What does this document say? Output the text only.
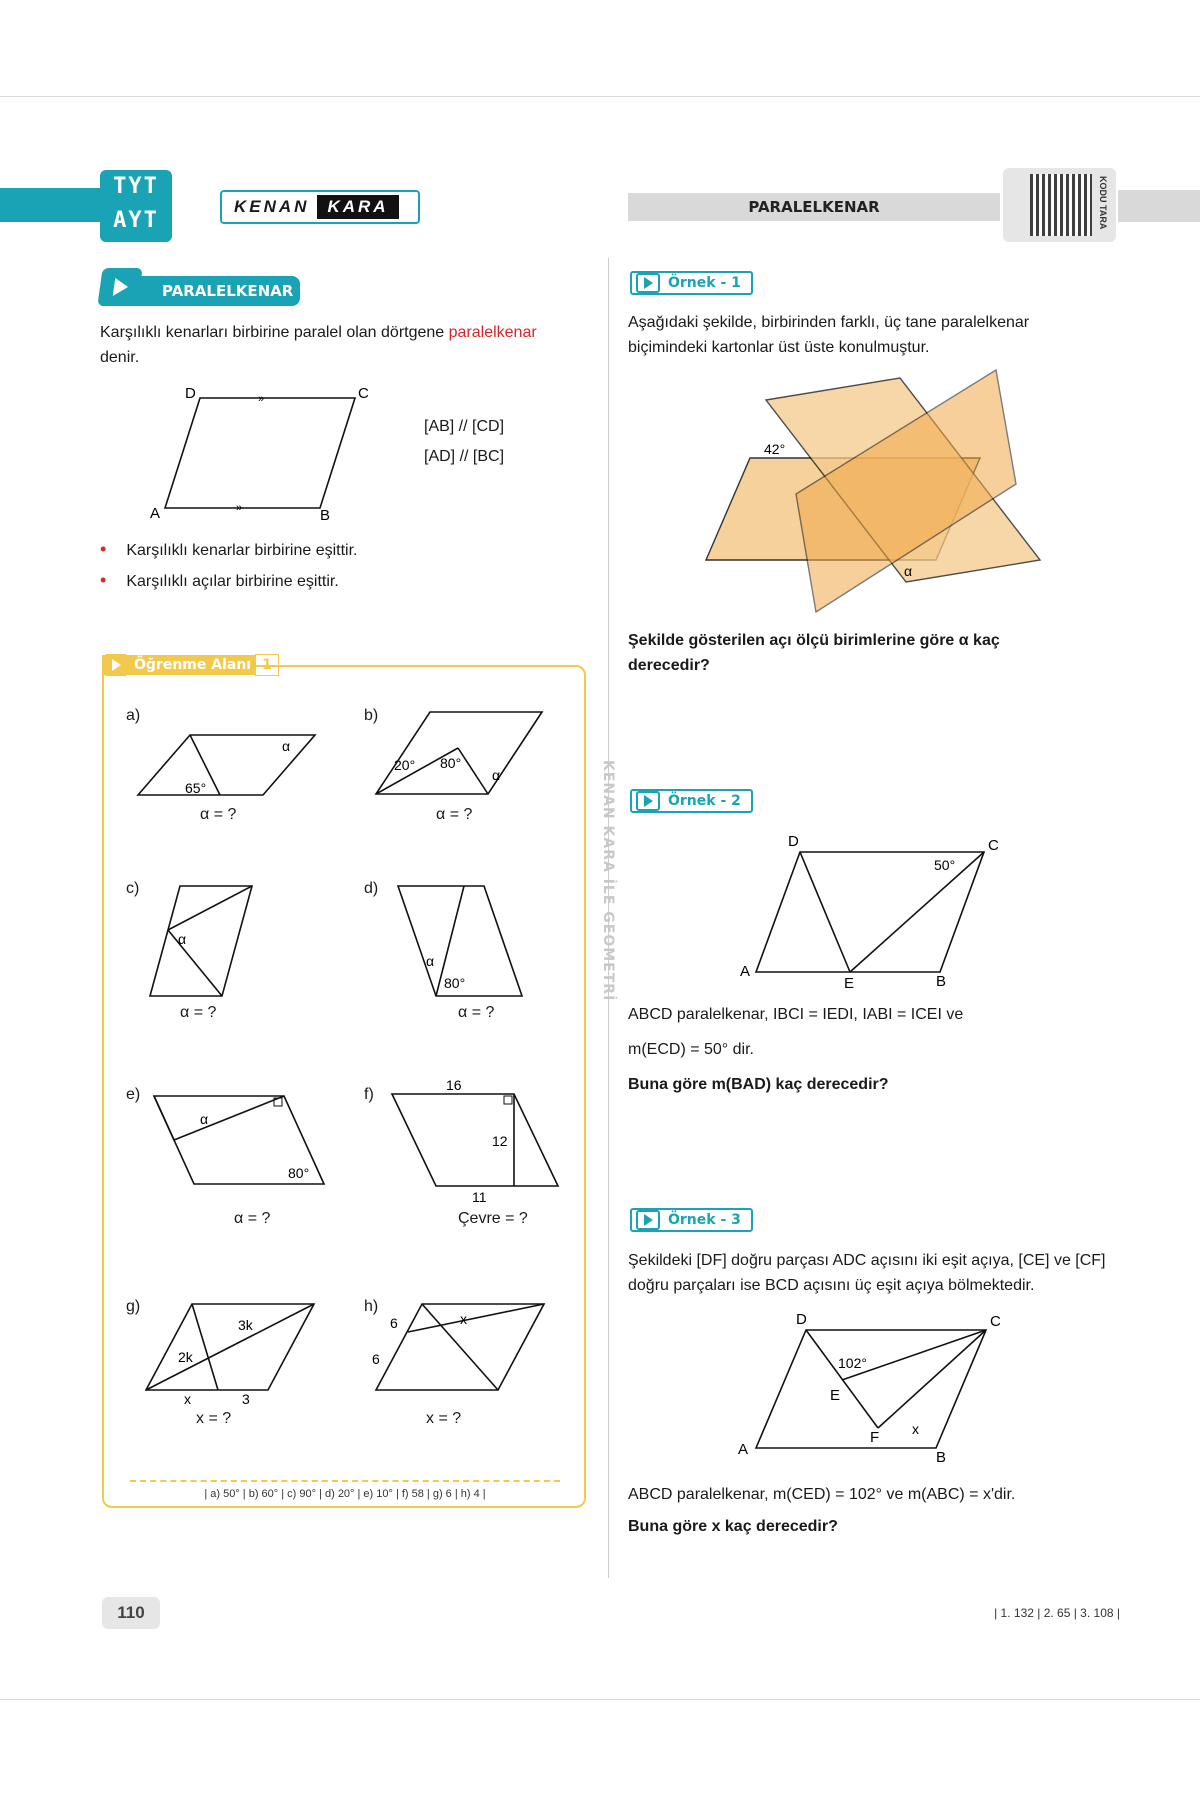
TYT
AYT
KENAN	KARA	PARALELKENAR	KODU TARA
PARALELKENAR
Karşılıklı kenarları birbirine paralel olan dörtgene paralelkenar
denir.
D	C
A	B
»
»
[AB] // [CD]
[AD] // [BC]
• Karşılıklı kenarlar birbirine eşittir.
• Karşılıklı açılar birbirine eşittir.
Öğrenme Alanı 1
a)
65°
α
α = ?
b)
20° 80°
α
α = ?
c)
α
α = ?
d)
α
80°
α = ?
e)
α
80°
α = ?
f)
16
12
11
Çevre = ?
g)
3k
2k
x	3
x = ?
h)
6
6
x
x = ?
| a) 50° | b) 60° | c) 90° | d) 20° | e) 10° | f) 58 | g) 6 | h) 4 |
KENAN KARA İLE GEOMETRİ
Örnek - 1
Aşağıdaki şekilde, birbirinden farklı, üç tane paralelkenar biçimindeki kartonlar üst üste konulmuştur.
42°
α
Şekilde gösterilen açı ölçü birimlerine göre α kaç derecedir?
Örnek - 2
D	C
A
E	B
50°
ABCD paralelkenar, IBCI = IEDI, IABI = ICEI ve
m(ECD) = 50° dir.
Buna göre m(BAD) kaç derecedir?
Örnek - 3
Şekildeki [DF] doğru parçası ADC açısını iki eşit açıya, [CE] ve [CF] doğru parçaları ise BCD açısını üç eşit açıya bölmektedir.
D	C
A
E
F
B
102°
x
ABCD paralelkenar, m(CED) = 102° ve m(ABC) = x'dir.
Buna göre x kaç derecedir?
110	| 1. 132 | 2. 65 | 3. 108 |
